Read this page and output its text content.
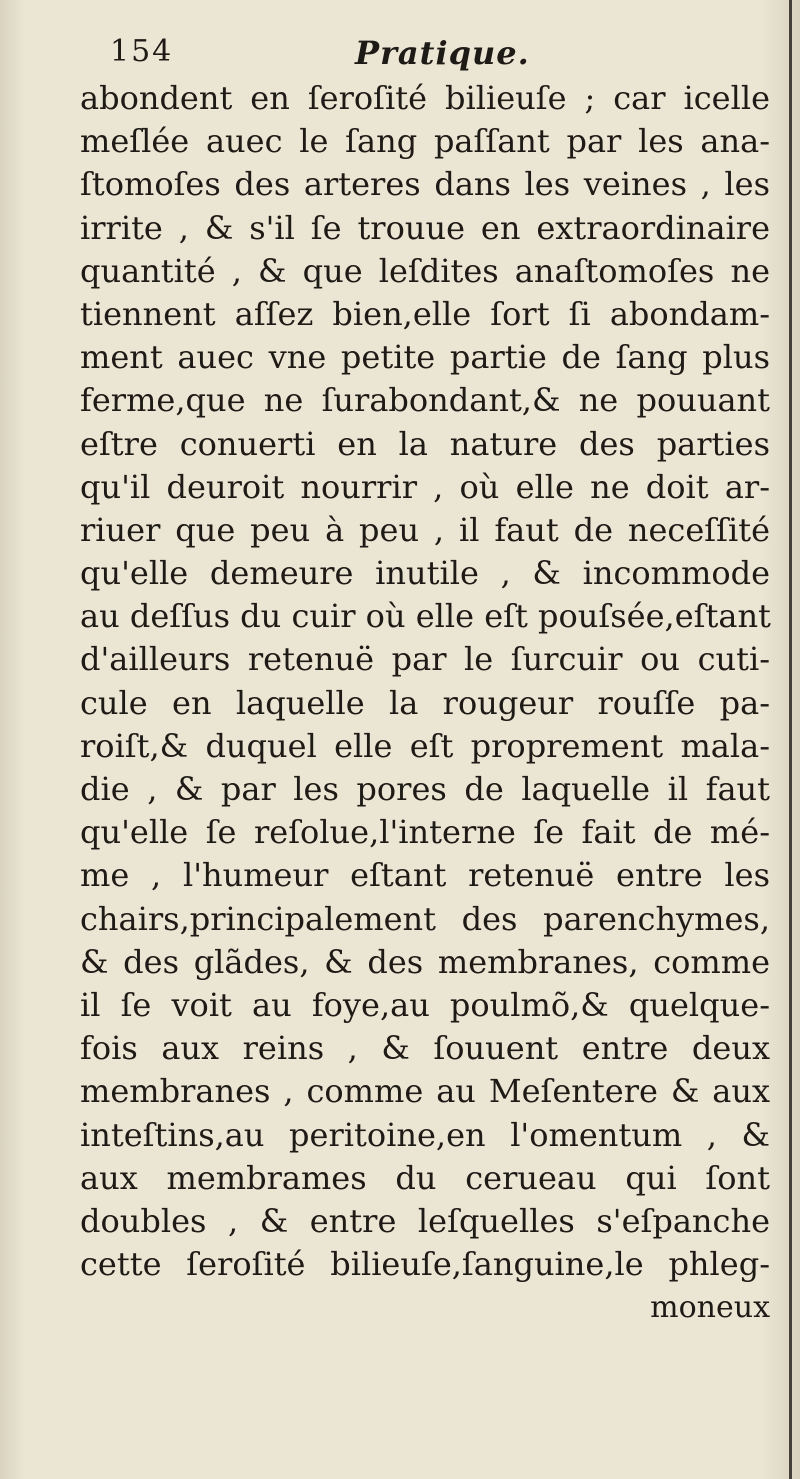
154	Pratique.
abondent en ſeroſité bilieuſe ; car icelle
meſlée auec le ſang paſſant par les ana-
ſtomoſes des arteres dans les veines , les
irrite , & s'il ſe trouue en extraordinaire
quantité , & que leſdites anaſtomoſes ne
tiennent aſſez bien,elle ſort ſi abondam-
ment auec vne petite partie de ſang plus
ferme,que ne ſurabondant,& ne pouuant
eſtre conuerti en la nature des parties
qu'il deuroit nourrir , où elle ne doit ar-
riuer que peu à peu , il faut de neceſſité
qu'elle demeure inutile , & incommode
au deſſus du cuir où elle eſt pouſsée,eſtant
d'ailleurs retenuë par le ſurcuir ou cuti-
cule en laquelle la rougeur rouſſe pa-
roiſt,& duquel elle eſt proprement mala-
die , & par les pores de laquelle il faut
qu'elle ſe reſolue,l'interne ſe fait de mé-
me , l'humeur eſtant retenuë entre les
chairs,principalement des parenchymes,
& des glãdes, & des membranes, comme
il ſe voit au foye,au poulmõ,& quelque-
fois aux reins , & ſouuent entre deux
membranes , comme au Meſentere & aux
inteſtins,au peritoine,en l'omentum , &
aux membrames du cerueau qui ſont
doubles , & entre leſquelles s'eſpanche
cette ſeroſité bilieuſe,ſanguine,le phleg-
moneux
